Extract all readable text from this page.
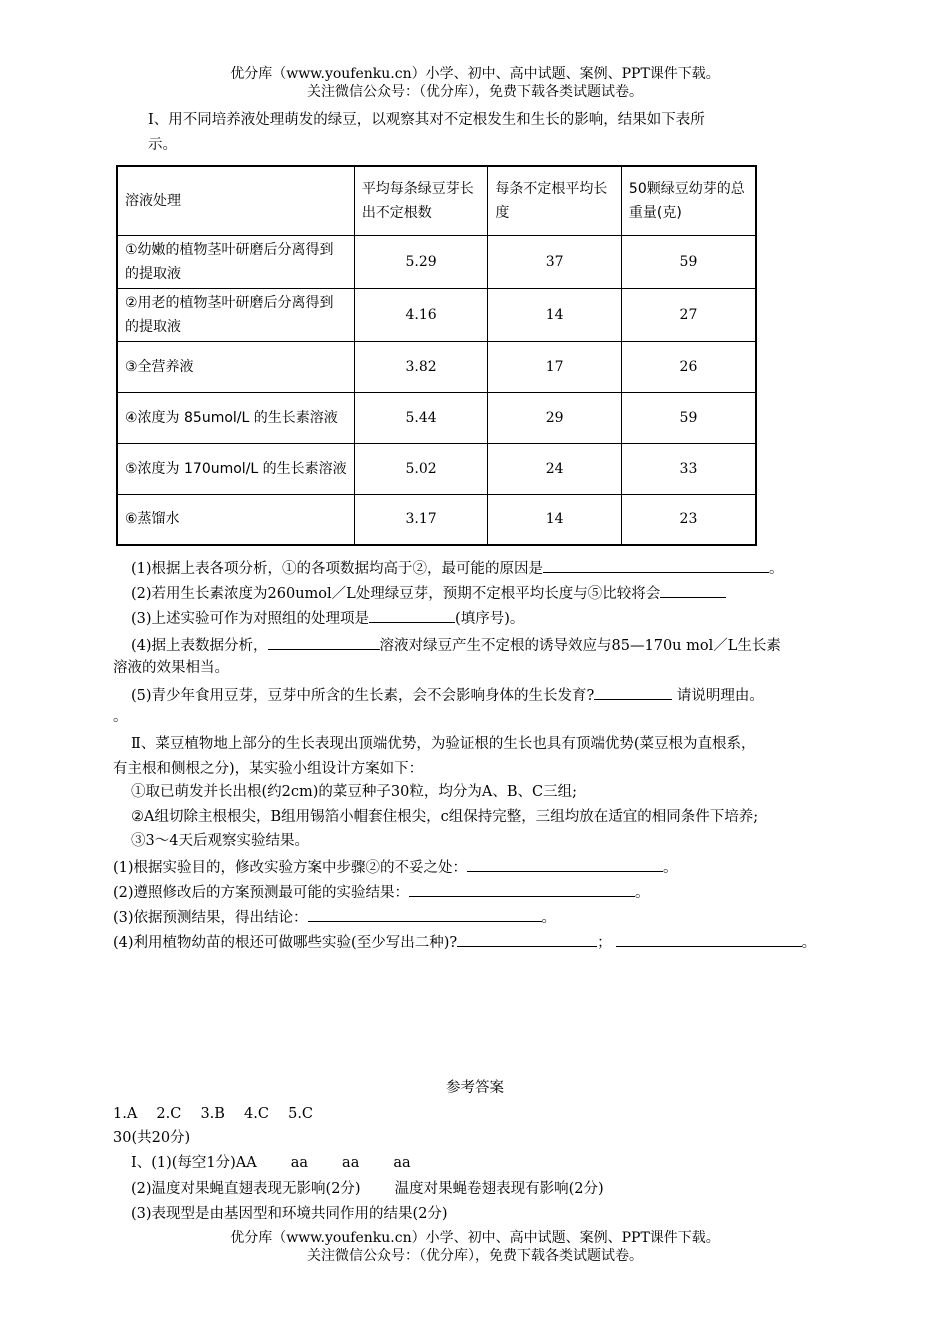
优分库（www.youfenku.cn）小学、初中、高中试题、案例、PPT课件下载。
关注微信公众号：（优分库），免费下载各类试题试卷。
Ⅰ、用不同培养液处理萌发的绿豆，以观察其对不定根发生和生长的影响，结果如下表所
示。
溶液处理	平均每条绿豆芽长出不定根数	每条不定根平均长度	50颗绿豆幼芽的总重量(克)
①幼嫩的植物茎叶研磨后分离得到的提取液	5.29	37	59
②用老的植物茎叶研磨后分离得到的提取液	4.16	14	27
③全营养液	3.82	17	26
④浓度为 85umol/L 的生长素溶液	5.44	29	59
⑤浓度为 170umol/L 的生长素溶液	5.02	24	33
⑥蒸馏水	3.17	14	23
(1)根据上表各项分析，①的各项数据均高于②，最可能的原因是	。
(2)若用生长素浓度为260umol／L处理绿豆芽，预期不定根平均长度与⑤比较将会
(3)上述实验可作为对照组的处理项是	(填序号)。
(4)据上表数据分析，	溶液对绿豆产生不定根的诱导效应与85—170u mol／L生长素
溶液的效果相当。
(5)青少年食用豆芽，豆芽中所含的生长素，会不会影响身体的生长发育?	请说明理由。
。
Ⅱ、菜豆植物地上部分的生长表现出顶端优势，为验证根的生长也具有顶端优势(菜豆根为直根系，
有主根和侧根之分)，某实验小组设计方案如下：
①取已萌发并长出根(约2cm)的菜豆种子30粒，均分为A、B、C三组;
②A组切除主根根尖，B组用锡箔小帽套住根尖，c组保持完整，三组均放在适宜的相同条件下培养;
③3～4天后观察实验结果。
(1)根据实验目的，修改实验方案中步骤②的不妥之处：	。
(2)遵照修改后的方案预测最可能的实验结果：	。
(3)依据预测结果，得出结论：	。
(4)利用植物幼苗的根还可做哪些实验(至少写出二种)?	；	。
参考答案
1.A　 2.C　 3.B　 4.C　 5.C
30(共20分)
Ⅰ、(1)(每空1分)AA aa aa aa
(2)温度对果蝇直翅表现无影响(2分) 温度对果蝇卷翅表现有影响(2分)
(3)表现型是由基因型和环境共同作用的结果(2分)
优分库（www.youfenku.cn）小学、初中、高中试题、案例、PPT课件下载。
关注微信公众号：（优分库），免费下载各类试题试卷。
